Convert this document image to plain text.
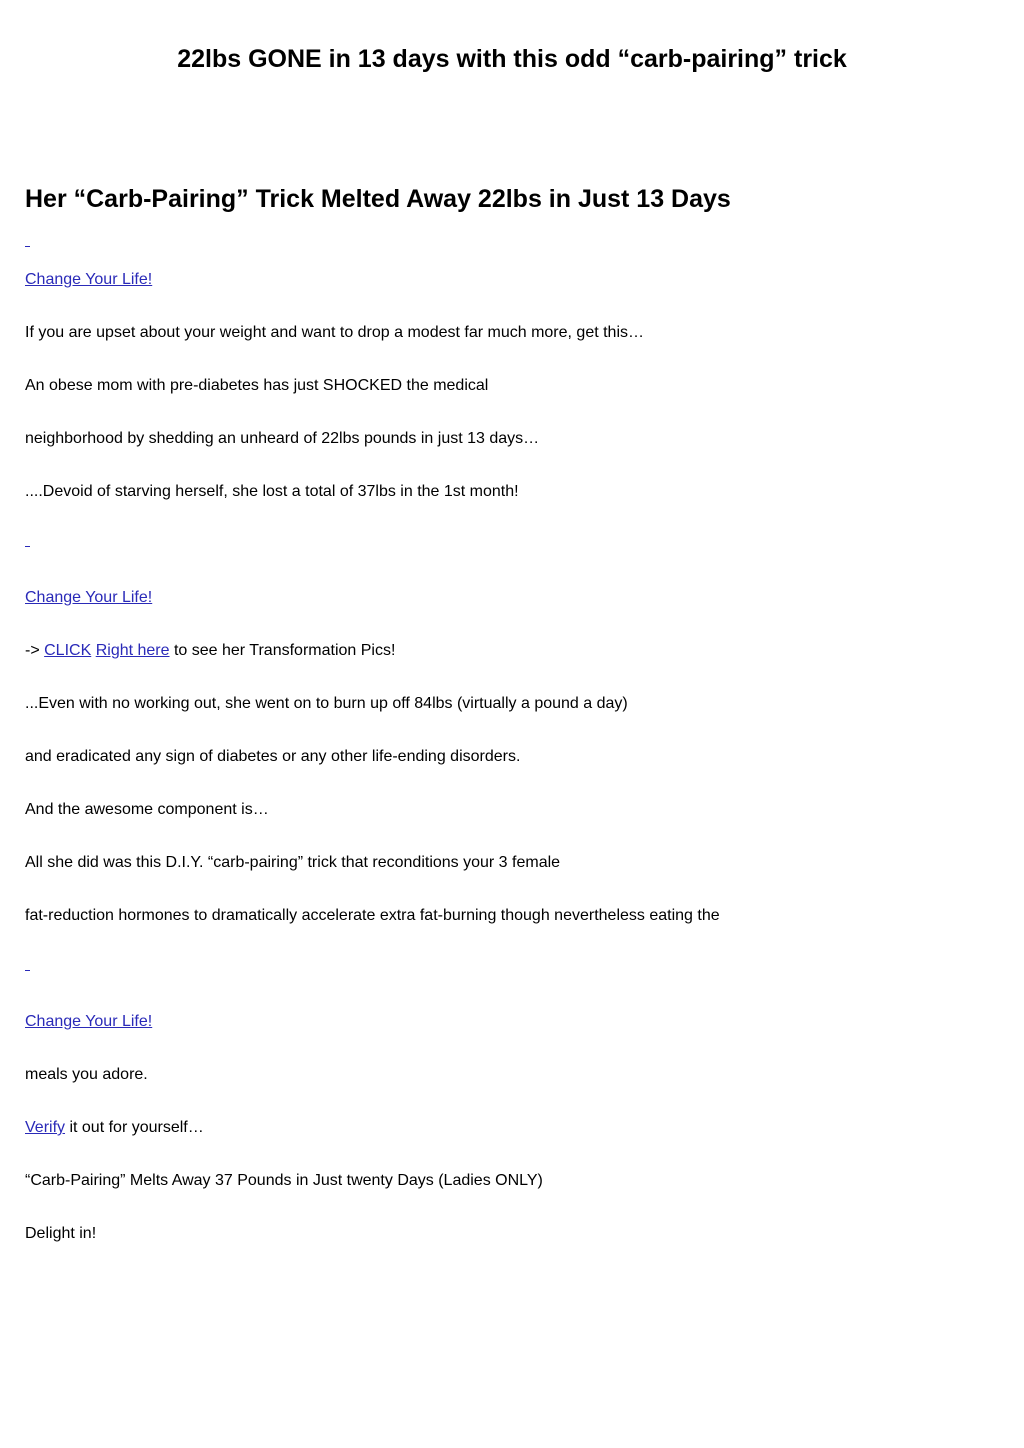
22lbs GONE in 13 days with this odd “carb-pairing” trick
Her “Carb-Pairing” Trick Melted Away 22lbs in Just 13 Days

Change Your Life!

If you are upset about your weight and want to drop a modest far much more, get this…

An obese mom with pre-diabetes has just SHOCKED the medical

neighborhood by shedding an unheard of 22lbs pounds in just 13 days…

....Devoid of starving herself, she lost a total of 37lbs in the 1st month!

Change Your Life!

-> CLICK Right here to see her Transformation Pics!

...Even with no working out, she went on to burn up off 84lbs (virtually a pound a day)

and eradicated any sign of diabetes or any other life-ending disorders.

And the awesome component is…

All she did was this D.I.Y. “carb-pairing” trick that reconditions your 3 female

fat-reduction hormones to dramatically accelerate extra fat-burning though nevertheless eating the

Change Your Life!

meals you adore.

Verify it out for yourself…

“Carb-Pairing” Melts Away 37 Pounds in Just twenty Days (Ladies ONLY)

Delight in!
